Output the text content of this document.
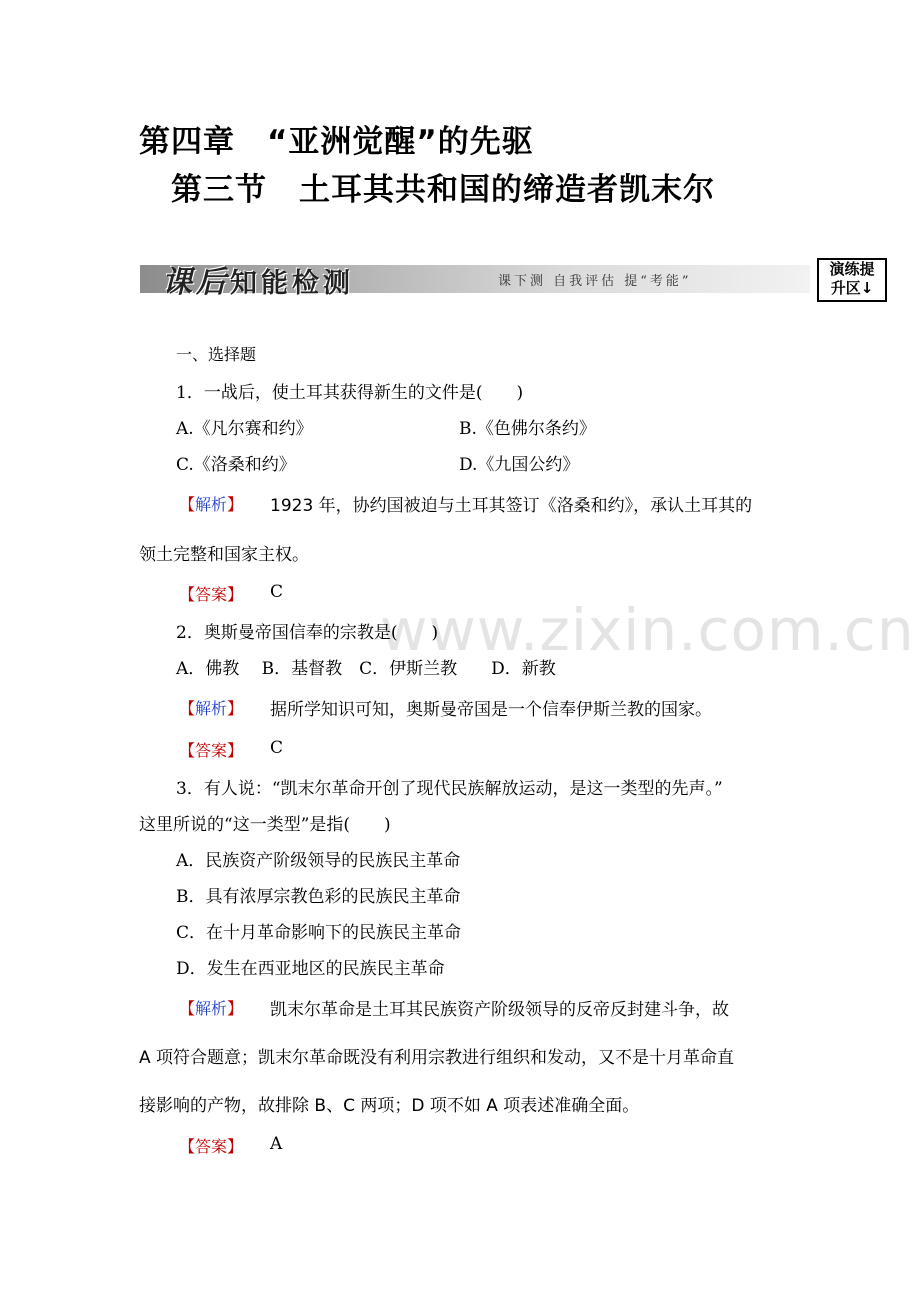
第四章　“亚洲觉醒”的先驱
第三节　土耳其共和国的缔造者凯末尔
课后知能检测	课下测 自我评估 提“考能”
演练提
升区↓
www.zixin.com.cn
一、选择题
1．一战后，使土耳其获得新生的文件是(　　)
A.《凡尔赛和约》	B.《色佛尔条约》
C.《洛桑和约》	D.《九国公约》
【解析】 1923 年，协约国被迫与土耳其签订《洛桑和约》，承认土耳其的
领土完整和国家主权。
【答案】 C
2．奥斯曼帝国信奉的宗教是(　　)
A．佛教　 B．基督教　C．伊斯兰教　　D．新教
【解析】 据所学知识可知，奥斯曼帝国是一个信奉伊斯兰教的国家。
【答案】 C
3．有人说：“凯末尔革命开创了现代民族解放运动，是这一类型的先声。”
这里所说的“这一类型”是指(　　)
A．民族资产阶级领导的民族民主革命
B．具有浓厚宗教色彩的民族民主革命
C．在十月革命影响下的民族民主革命
D．发生在西亚地区的民族民主革命
【解析】 凯末尔革命是土耳其民族资产阶级领导的反帝反封建斗争，故
A 项符合题意；凯末尔革命既没有利用宗教进行组织和发动，又不是十月革命直
接影响的产物，故排除 B、C 两项；D 项不如 A 项表述准确全面。
【答案】 A
